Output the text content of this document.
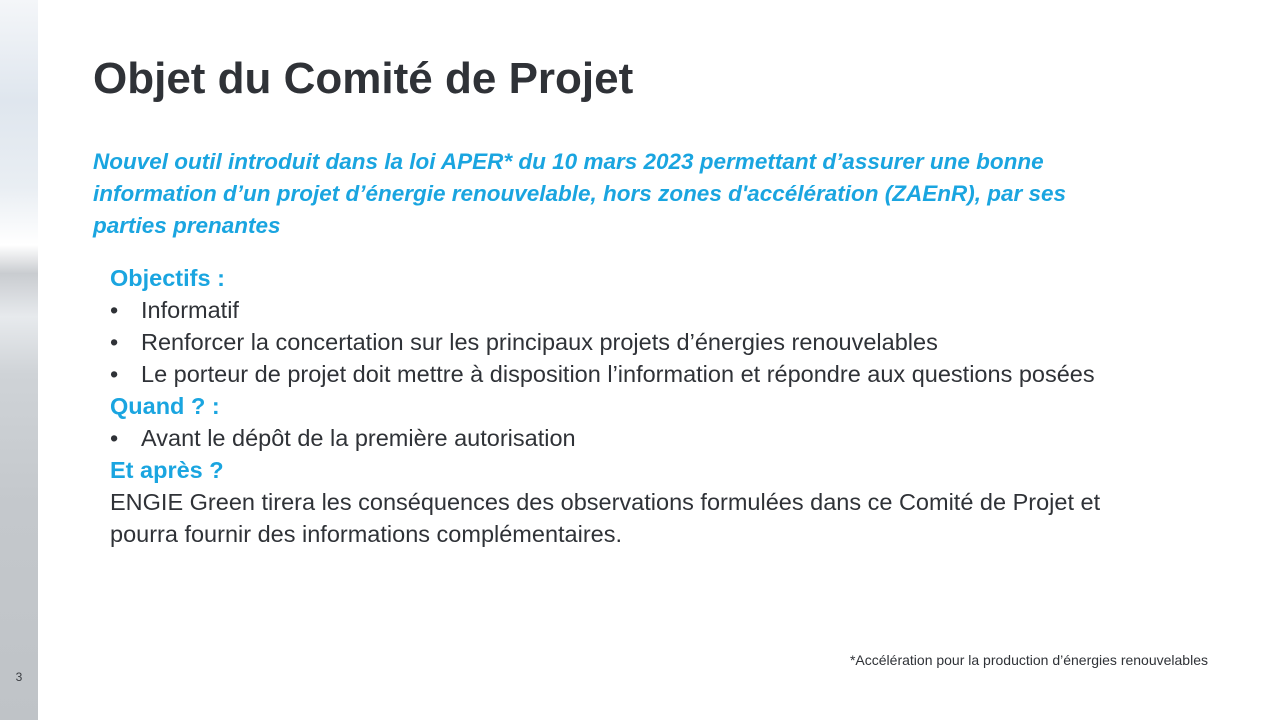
3
Objet du Comité de Projet

Nouvel outil introduit dans la loi APER* du 10 mars 2023 permettant d’assurer une bonne information d’un projet d’énergie renouvelable, hors zones d'accélération (ZAEnR), par ses parties prenantes

Objectifs :

• Informatif
• Renforcer la concertation sur les principaux projets d’énergies renouvelables
• Le porteur de projet doit mettre à disposition l’information et répondre aux questions posées

Quand ? :

• Avant le dépôt de la première autorisation

Et après ?

ENGIE Green tirera les conséquences des observations formulées dans ce Comité de Projet et pourra fournir des informations complémentaires.

*Accélération pour la production d’énergies renouvelables
